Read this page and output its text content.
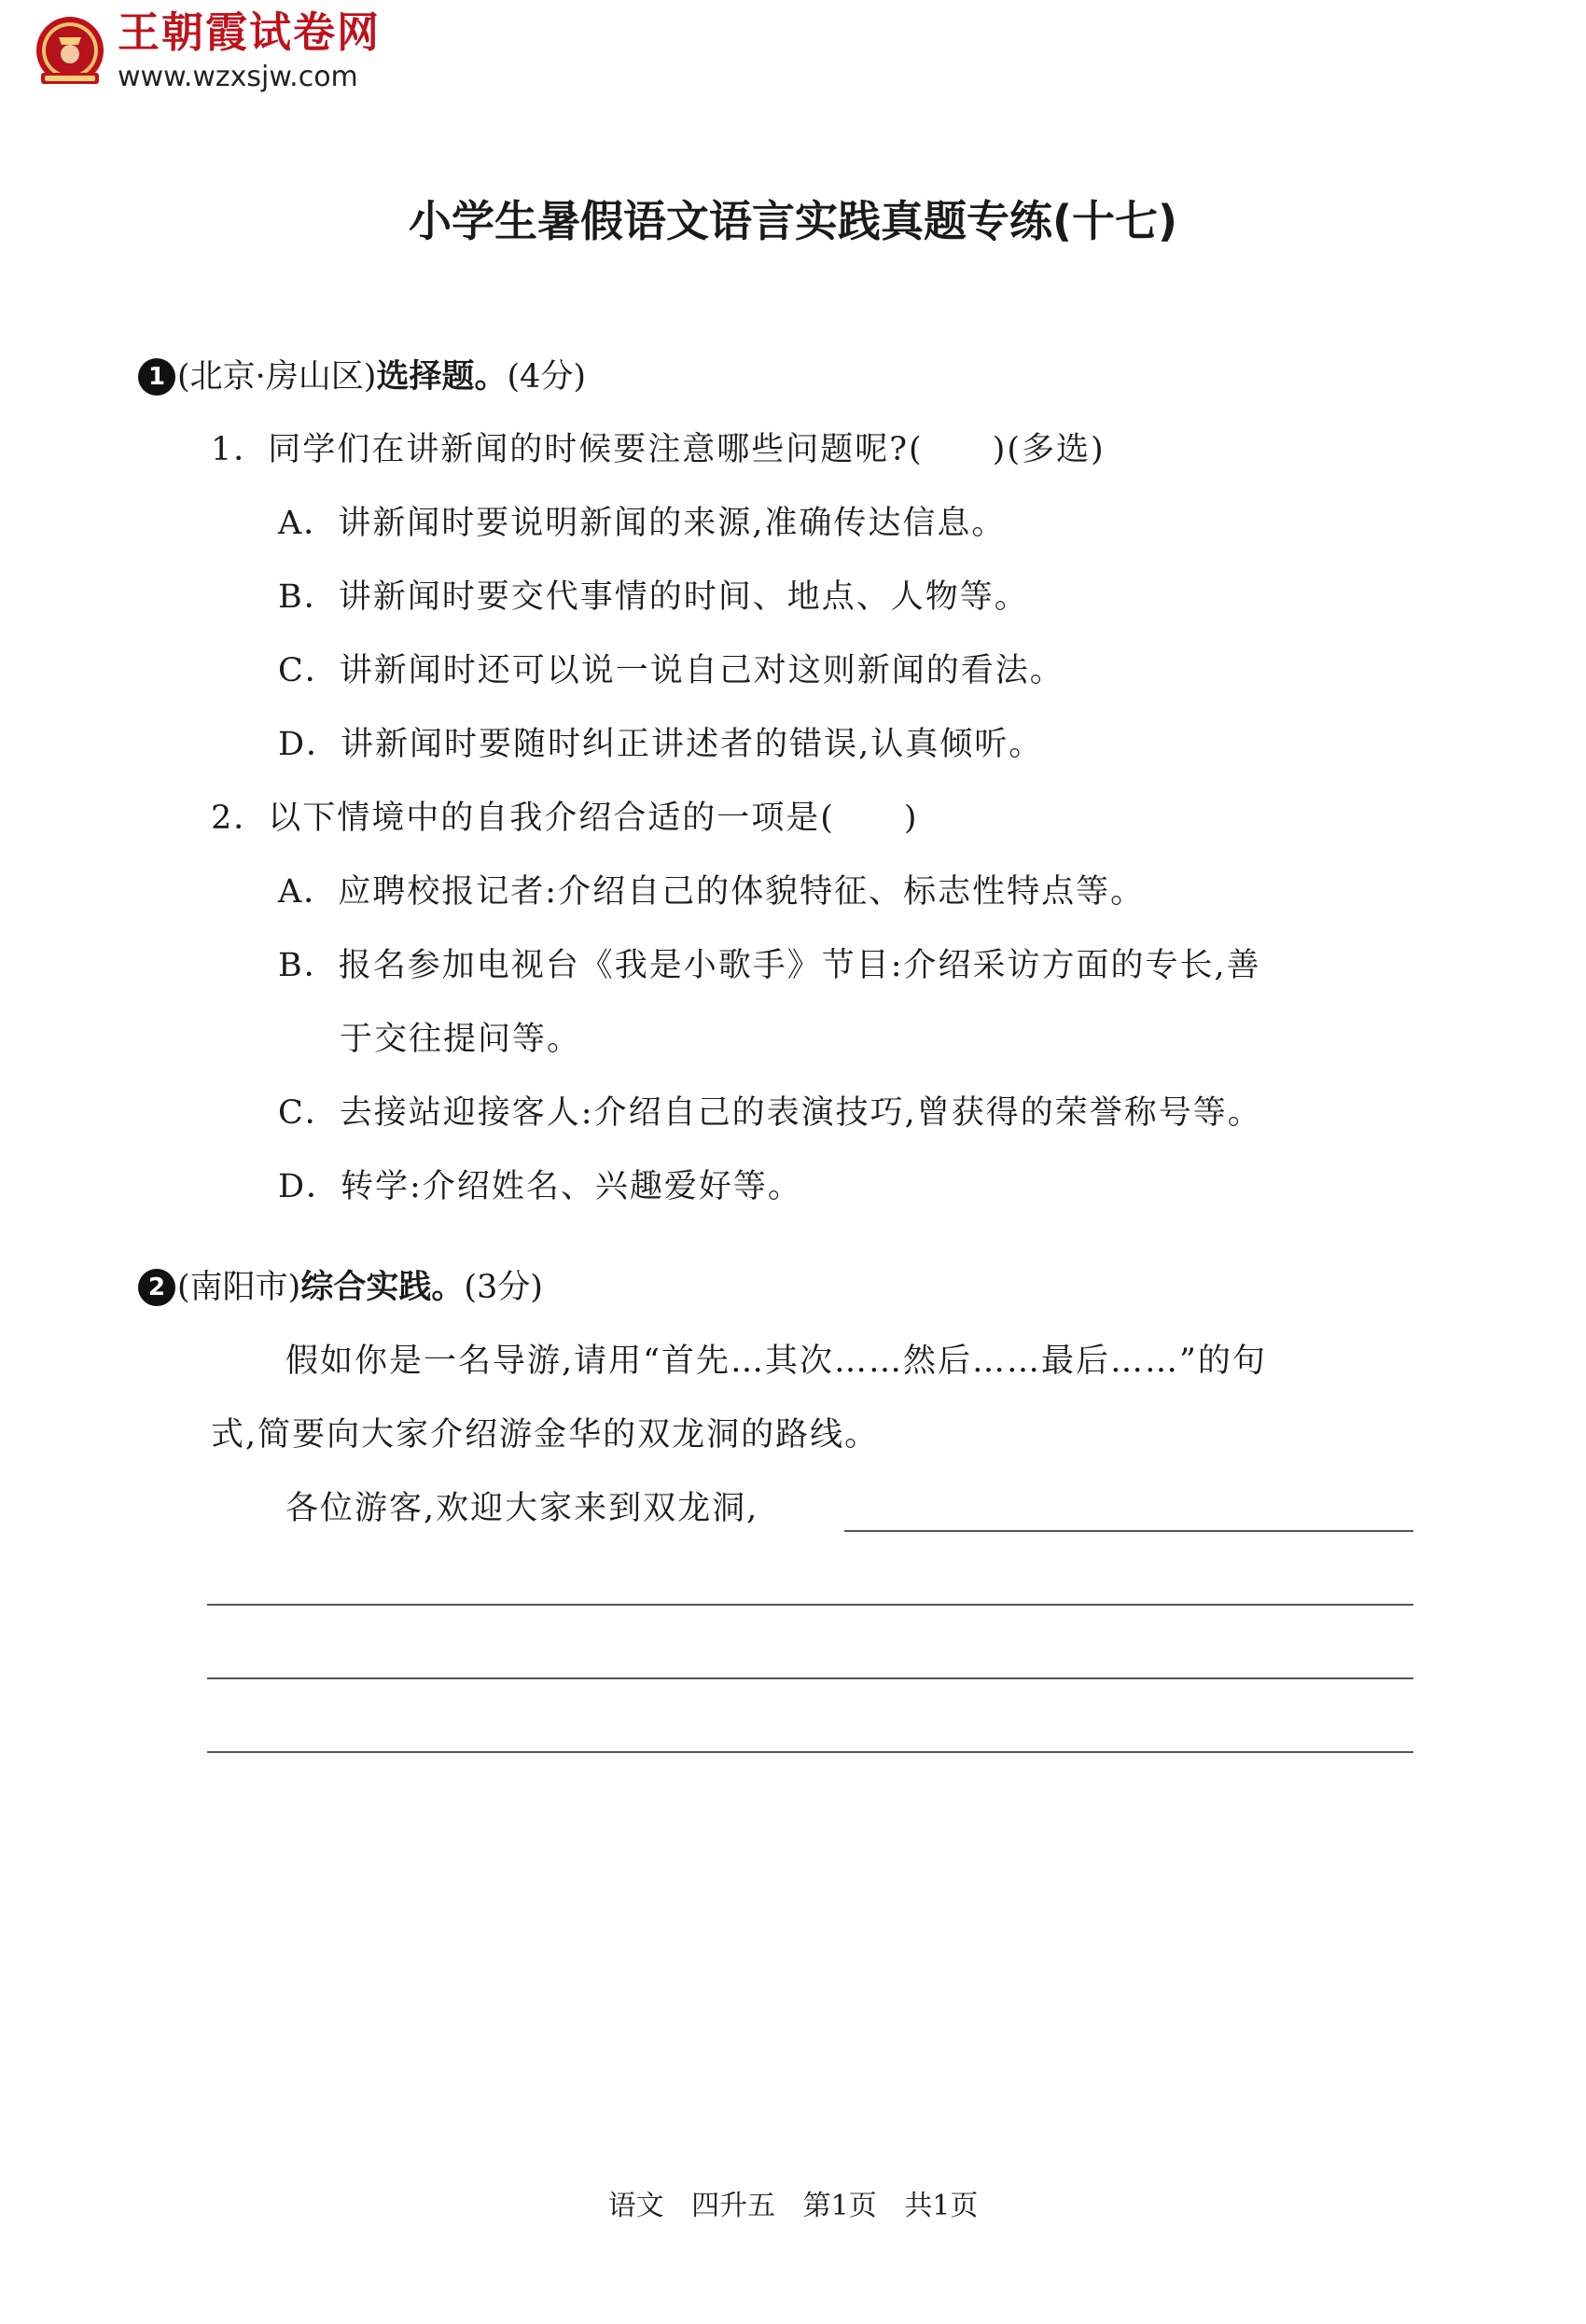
王朝霞试卷网
www.wzxsjw.com
小学生暑假语文语言实践真题专练(十七)
1 (北京·房山区) 选择题。 (4分)
1．同学们在讲新闻的时候要注意哪些问题呢?(　　)(多选)
A．讲新闻时要说明新闻的来源,准确传达信息。
B．讲新闻时要交代事情的时间、地点、人物等。
C．讲新闻时还可以说一说自己对这则新闻的看法。
D．讲新闻时要随时纠正讲述者的错误,认真倾听。
2．以下情境中的自我介绍合适的一项是(　　)
A．应聘校报记者:介绍自己的体貌特征、标志性特点等。
B．报名参加电视台《我是小歌手》节目:介绍采访方面的专长,善
于交往提问等。
C．去接站迎接客人:介绍自己的表演技巧,曾获得的荣誉称号等。
D．转学:介绍姓名、兴趣爱好等。
2 (南阳市) 综合实践。 (3分)
假如你是一名导游,请用“首先…其次……然后……最后……”的句
式,简要向大家介绍游金华的双龙洞的路线。
各位游客,欢迎大家来到双龙洞,
语文 四升五 第1页 共1页
